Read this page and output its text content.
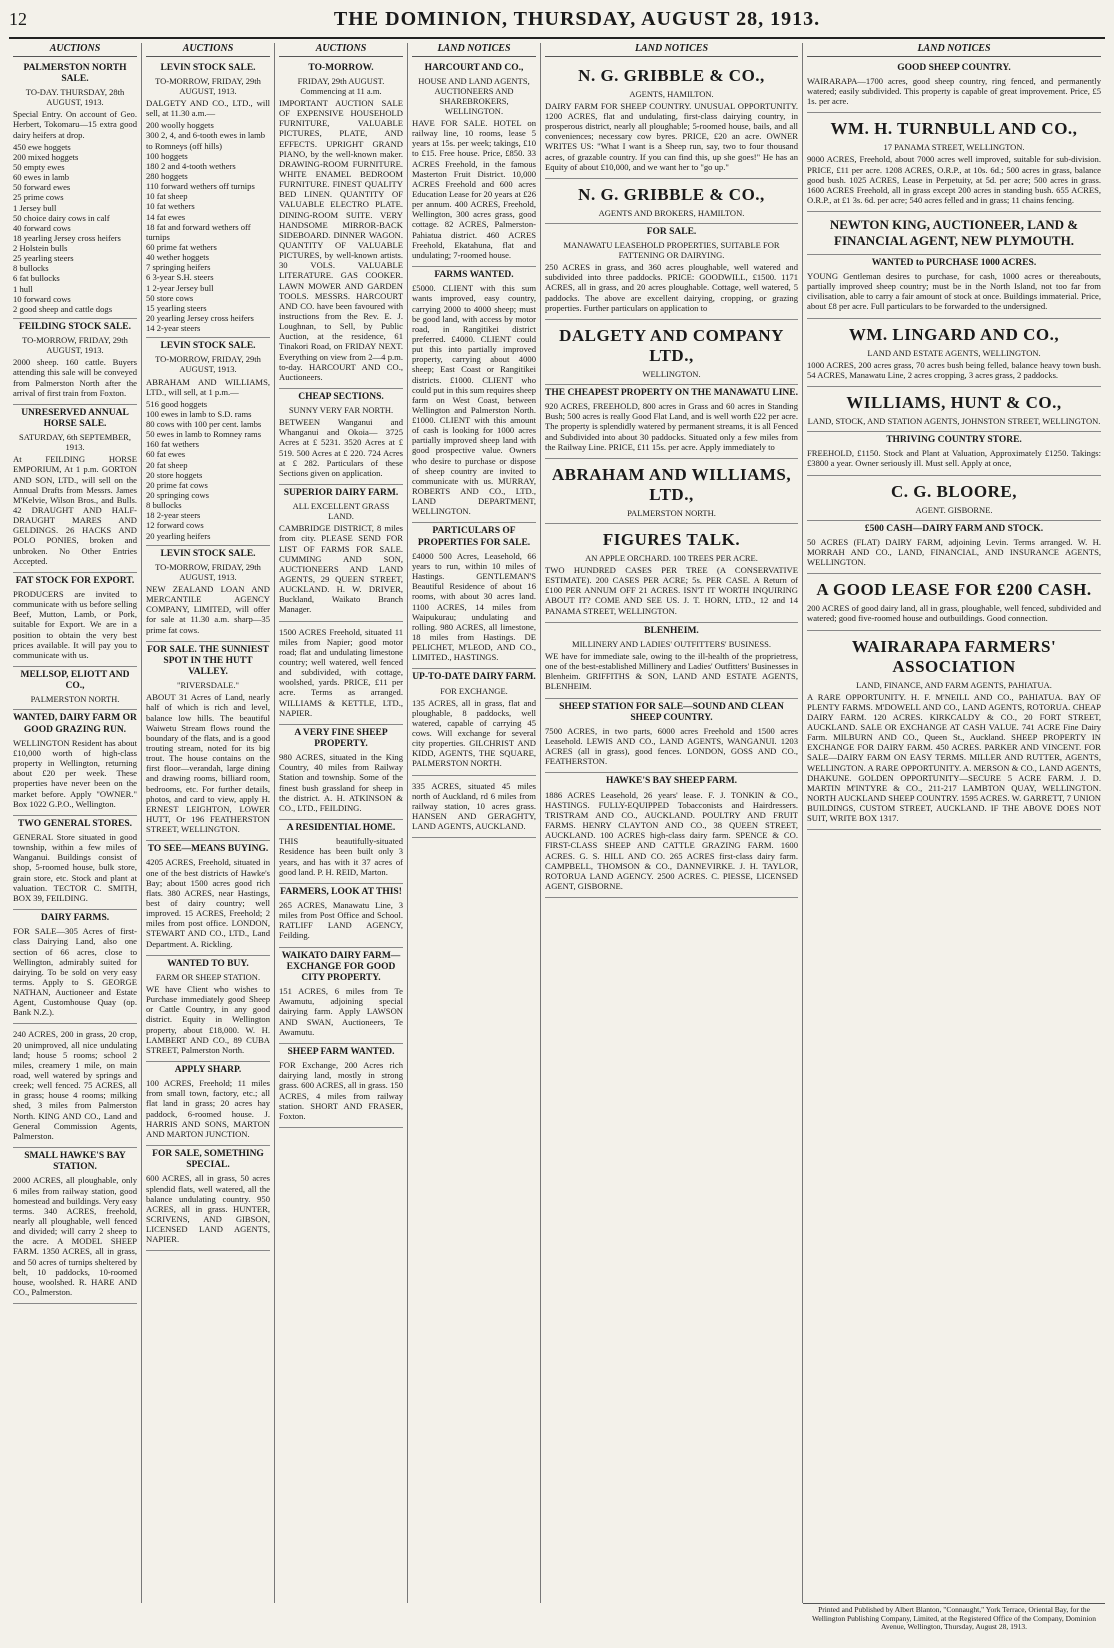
12	THE DOMINION, THURSDAY, AUGUST 28, 1913.
AUCTIONS
PALMERSTON NORTH SALE.
TO-DAY. THURSDAY, 28th AUGUST, 1913.

Special Entry. On account of Geo. Herbert, Tokomaru—15 extra good dairy heifers at drop.

450 ewe hoggets
200 mixed hoggets
50 empty ewes
60 ewes in lamb
50 forward ewes
25 prime cows
1 Jersey bull
50 choice dairy cows in calf
40 forward cows
18 yearling Jersey cross heifers
2 Holstein bulls
25 yearling steers
8 bullocks
6 fat bullocks
1 hull
10 forward cows
2 good sheep and cattle dogs
FEILDING STOCK SALE.
TO-MORROW, FRIDAY, 29th AUGUST, 1913.

2000 sheep. 160 cattle. Buyers attending this sale will be conveyed from Palmerston North after the arrival of first train from Foxton.

UNRESERVED ANNUAL HORSE SALE.
SATURDAY, 6th SEPTEMBER, 1913.

At FEILDING HORSE EMPORIUM, At 1 p.m. GORTON AND SON, LTD., will sell on the Annual Drafts from Messrs. James M'Kelvie, Wilson Bros., and Bulls. 42 DRAUGHT AND HALF-DRAUGHT MARES AND GELDINGS. 26 HACKS AND POLO PONIES, broken and unbroken. No Other Entries Accepted.

FAT STOCK FOR EXPORT.

PRODUCERS are invited to communicate with us before selling Beef, Mutton, Lamb, or Pork, suitable for Export. We are in a position to obtain the very best prices available. It will pay you to communicate with us.

MELLSOP, ELIOTT AND CO.,
PALMERSTON NORTH.
WANTED, DAIRY FARM OR GOOD GRAZING RUN.

WELLINGTON Resident has about £10,000 worth of high-class property in Wellington, returning about £20 per week. These properties have never been on the market before. Apply "OWNER." Box 1022 G.P.O., Wellington.

TWO GENERAL STORES.

GENERAL Store situated in good township, within a few miles of Wanganui. Buildings consist of shop, 5-roomed house, bulk store, grain store, etc. Stock and plant at valuation. TECTOR C. SMITH, BOX 39, FEILDING.

DAIRY FARMS.

FOR SALE—305 Acres of first-class Dairying Land, also one section of 66 acres, close to Wellington, admirably suited for dairying. To be sold on very easy terms. Apply to S. GEORGE NATHAN, Auctioneer and Estate Agent, Customhouse Quay (op. Bank N.Z.).

240 ACRES, 200 in grass, 20 crop, 20 unimproved, all nice undulating land; house 5 rooms; school 2 miles, creamery 1 mile, on main road, well watered by springs and creek; well fenced. 75 ACRES, all in grass; house 4 rooms; milking shed, 3 miles from Palmerston North. KING AND CO., Land and General Commission Agents, Palmerston.

SMALL HAWKE'S BAY STATION.

2000 ACRES, all ploughable, only 6 miles from railway station, good homestead and buildings. Very easy terms. 340 ACRES, freehold, nearly all ploughable, well fenced and divided; will carry 2 sheep to the acre. A MODEL SHEEP FARM. 1350 ACRES, all in grass, and 50 acres of turnips sheltered by belt, 10 paddocks, 10-roomed house, woolshed. R. HARE AND CO., Palmerston.

AUCTIONS
LEVIN STOCK SALE.
TO-MORROW, FRIDAY, 29th AUGUST, 1913.

DALGETY AND CO., LTD., will sell, at 11.30 a.m.—

200 woolly hoggets
300 2, 4, and 6-tooth ewes in lamb to Romneys (off hills)
100 hoggets
180 2 and 4-tooth wethers
280 hoggets
110 forward wethers off turnips
10 fat sheep
10 fat wethers
14 fat ewes
18 fat and forward wethers off turnips
60 prime fat wethers
40 wether hoggets
7 springing heifers
6 3-year S.H. steers
1 2-year Jersey bull
50 store cows
15 yearling steers
20 yearling Jersey cross heifers
14 2-year steers
LEVIN STOCK SALE.
TO-MORROW, FRIDAY, 29th AUGUST, 1913.

ABRAHAM AND WILLIAMS, LTD., will sell, at 1 p.m.—

516 good hoggets
100 ewes in lamb to S.D. rams
80 cows with 100 per cent. lambs
50 ewes in lamb to Romney rams
160 fat wethers
60 fat ewes
20 fat sheep
20 store hoggets
20 prime fat cows
20 springing cows
8 bullocks
18 2-year steers
12 forward cows
20 yearling heifers
LEVIN STOCK SALE.
TO-MORROW, FRIDAY, 29th AUGUST, 1913.

NEW ZEALAND LOAN AND MERCANTILE AGENCY COMPANY, LIMITED, will offer for sale at 11.30 a.m. sharp—35 prime fat cows.

FOR SALE. THE SUNNIEST SPOT IN THE HUTT VALLEY.
"RIVERSDALE."

ABOUT 31 Acres of Land, nearly half of which is rich and level, balance low hills. The beautiful Waiwetu Stream flows round the boundary of the flats, and is a good trouting stream, noted for its big trout. The house contains on the first floor—verandah, large dining and drawing rooms, billiard room, bedrooms, etc. For further details, photos, and card to view, apply H. ERNEST LEIGHTON, LOWER HUTT, Or 196 FEATHERSTON STREET, WELLINGTON.

TO SEE—MEANS BUYING.

4205 ACRES, Freehold, situated in one of the best districts of Hawke's Bay; about 1500 acres good rich flats. 380 ACRES, near Hastings, best of dairy country; well improved. 15 ACRES, Freehold; 2 miles from post office. LONDON, STEWART AND CO., LTD., Land Department. A. Rickling.

WANTED TO BUY.
FARM OR SHEEP STATION.

WE have Client who wishes to Purchase immediately good Sheep or Cattle Country, in any good district. Equity in Wellington property, about £18,000. W. H. LAMBERT AND CO., 89 CUBA STREET, Palmerston North.

APPLY SHARP.

100 ACRES, Freehold; 11 miles from small town, factory, etc.; all flat land in grass; 20 acres hay paddock, 6-roomed house. J. HARRIS AND SONS, MARTON AND MARTON JUNCTION.

FOR SALE, SOMETHING SPECIAL.

600 ACRES, all in grass, 50 acres splendid flats, well watered, all the balance undulating country. 950 ACRES, all in grass. HUNTER, SCRIVENS, AND GIBSON, LICENSED LAND AGENTS, NAPIER.

AUCTIONS
TO-MORROW.
FRIDAY, 29th AUGUST. Commencing at 11 a.m.

IMPORTANT AUCTION SALE OF EXPENSIVE HOUSEHOLD FURNITURE, VALUABLE PICTURES, PLATE, AND EFFECTS. UPRIGHT GRAND PIANO, by the well-known maker. DRAWING-ROOM FURNITURE. WHITE ENAMEL BEDROOM FURNITURE. FINEST QUALITY BED LINEN. QUANTITY OF VALUABLE ELECTRO PLATE. DINING-ROOM SUITE. VERY HANDSOME MIRROR-BACK SIDEBOARD. DINNER WAGON. QUANTITY OF VALUABLE PICTURES, by well-known artists. 30 VOLS. VALUABLE LITERATURE. GAS COOKER. LAWN MOWER AND GARDEN TOOLS. MESSRS. HARCOURT AND CO. have been favoured with instructions from the Rev. E. J. Loughnan, to Sell, by Public Auction, at the residence, 61 Tinakori Road, on FRIDAY NEXT. Everything on view from 2—4 p.m. to-day. HARCOURT AND CO., Auctioneers.

CHEAP SECTIONS.
SUNNY VERY FAR NORTH.

BETWEEN Wanganui and Whanganui and Okoia— 3725 Acres at £ 5231. 3520 Acres at £ 519. 500 Acres at £ 220. 724 Acres at £ 282. Particulars of these Sections given on application.

SUPERIOR DAIRY FARM.
ALL EXCELLENT GRASS LAND.

CAMBRIDGE DISTRICT, 8 miles from city. PLEASE SEND FOR LIST OF FARMS FOR SALE. CUMMING AND SON, AUCTIONEERS AND LAND AGENTS, 29 QUEEN STREET, AUCKLAND. H. W. DRIVER, Buckland, Waikato Branch Manager.

1500 ACRES Freehold, situated 11 miles from Napier; good motor road; flat and undulating limestone country; well watered, well fenced and subdivided, with cottage, woolshed, yards. PRICE, £11 per acre. Terms as arranged. WILLIAMS & KETTLE, LTD., NAPIER.

A VERY FINE SHEEP PROPERTY.

980 ACRES, situated in the King Country, 40 miles from Railway Station and township. Some of the finest bush grassland for sheep in the district. A. H. ATKINSON & CO., LTD., FEILDING.

A RESIDENTIAL HOME.

THIS beautifully-situated Residence has been built only 3 years, and has with it 37 acres of good land. P. H. REID, Marton.

FARMERS, LOOK AT THIS!

265 ACRES, Manawatu Line, 3 miles from Post Office and School. RATLIFF LAND AGENCY, Feilding.

WAIKATO DAIRY FARM—EXCHANGE FOR GOOD CITY PROPERTY.

151 ACRES, 6 miles from Te Awamutu, adjoining special dairying farm. Apply LAWSON AND SWAN, Auctioneers, Te Awamutu.

SHEEP FARM WANTED.

FOR Exchange, 200 Acres rich dairying land, mostly in strong grass. 600 ACRES, all in grass. 150 ACRES, 4 miles from railway station. SHORT AND FRASER, Foxton.

LAND NOTICES
HARCOURT AND CO.,
HOUSE AND LAND AGENTS, AUCTIONEERS AND SHAREBROKERS, WELLINGTON.

HAVE FOR SALE. HOTEL on railway line, 10 rooms, lease 5 years at 15s. per week; takings, £10 to £15. Free house. Price, £850. 33 ACRES Freehold, in the famous Masterton Fruit District. 10,000 ACRES Freehold and 600 acres Education Lease for 20 years at £26 per annum. 400 ACRES, Freehold, Wellington, 300 acres grass, good cottage. 82 ACRES, Palmerston-Pahiatua district. 460 ACRES Freehold, Ekatahuna, flat and undulating; 7-roomed house.

FARMS WANTED.

£5000. CLIENT with this sum wants improved, easy country, carrying 2000 to 4000 sheep; must be good land, with access by motor road, in Rangitikei district preferred. £4000. CLIENT could put this into partially improved property, carrying about 4000 sheep; East Coast or Rangitikei districts. £1000. CLIENT who could put in this sum requires sheep farm on West Coast, between Wellington and Palmerston North. £1000. CLIENT with this amount of cash is looking for 1000 acres partially improved sheep land with good prospective value. Owners who desire to purchase or dispose of sheep country are invited to communicate with us. MURRAY, ROBERTS AND CO., LTD., LAND DEPARTMENT, WELLINGTON.

PARTICULARS OF PROPERTIES FOR SALE.

£4000 500 Acres, Leasehold, 66 years to run, within 10 miles of Hastings. GENTLEMAN'S Beautiful Residence of about 16 rooms, with about 30 acres land. 1100 ACRES, 14 miles from Waipukurau; undulating and rolling. 980 ACRES, all limestone, 18 miles from Hastings. DE PELICHET, M'LEOD, AND CO., LIMITED., HASTINGS.

UP-TO-DATE DAIRY FARM.
FOR EXCHANGE.

135 ACRES, all in grass, flat and ploughable, 8 paddocks, well watered, capable of carrying 45 cows. Will exchange for several city properties. GILCHRIST AND KIDD, AGENTS, THE SQUARE, PALMERSTON NORTH.

335 ACRES, situated 45 miles north of Auckland, rd 6 miles from railway station, 10 acres grass. HANSEN AND GERAGHTY, LAND AGENTS, AUCKLAND.

LAND NOTICES
N. G. GRIBBLE & CO.,
AGENTS, HAMILTON.

DAIRY FARM FOR SHEEP COUNTRY. UNUSUAL OPPORTUNITY. 1200 ACRES, flat and undulating, first-class dairying country, in prosperous district, nearly all ploughable; 5-roomed house, bails, and all conveniences; necessary cow byres. PRICE, £20 an acre. OWNER WRITES US: "What I want is a Sheep run, say, two to four thousand acres, of grazable country. If you can find this, up she goes!" He has an Equity of about £10,000, and we want her to "go up."

N. G. GRIBBLE & CO.,
AGENTS AND BROKERS, HAMILTON.
FOR SALE.
MANAWATU LEASEHOLD PROPERTIES, SUITABLE FOR FATTENING OR DAIRYING.

250 ACRES in grass, and 360 acres ploughable, well watered and subdivided into three paddocks. PRICE: GOODWILL, £1500. 1171 ACRES, all in grass, and 20 acres ploughable. Cottage, well watered, 5 paddocks. The above are excellent dairying, cropping, or grazing properties. Further particulars on application to

DALGETY AND COMPANY LTD.,
WELLINGTON.
THE CHEAPEST PROPERTY ON THE MANAWATU LINE.

920 ACRES, FREEHOLD, 800 acres in Grass and 60 acres in Standing Bush; 500 acres is really Good Flat Land, and is well worth £22 per acre. The property is splendidly watered by permanent streams, it is all Fenced and Subdivided into about 30 paddocks. Situated only a few miles from the Railway Line. PRICE, £11 15s. per acre. Apply immediately to

ABRAHAM AND WILLIAMS, LTD.,
PALMERSTON NORTH.
FIGURES TALK.
AN APPLE ORCHARD. 100 TREES PER ACRE.

TWO HUNDRED CASES PER TREE (A CONSERVATIVE ESTIMATE). 200 CASES PER ACRE; 5s. PER CASE. A Return of £100 PER ANNUM OFF 21 ACRES. ISN'T IT WORTH INQUIRING ABOUT IT? COME AND SEE US. J. T. HORN, LTD., 12 and 14 PANAMA STREET, WELLINGTON.

BLENHEIM.
MILLINERY AND LADIES' OUTFITTERS' BUSINESS.

WE have for immediate sale, owing to the ill-health of the proprietress, one of the best-established Millinery and Ladies' Outfitters' Businesses in Blenheim. GRIFFITHS & SON, LAND AND ESTATE AGENTS, BLENHEIM.

SHEEP STATION FOR SALE—SOUND AND CLEAN SHEEP COUNTRY.

7500 ACRES, in two parts, 6000 acres Freehold and 1500 acres Leasehold. LEWIS AND CO., LAND AGENTS, WANGANUI. 1203 ACRES (all in grass), good fences. LONDON, GOSS AND CO., FEATHERSTON.

HAWKE'S BAY SHEEP FARM.

1886 ACRES Leasehold, 26 years' lease. F. J. TONKIN & CO., HASTINGS. FULLY-EQUIPPED Tobacconists and Hairdressers. TRISTRAM AND CO., AUCKLAND. POULTRY AND FRUIT FARMS. HENRY CLAYTON AND CO., 38 QUEEN STREET, AUCKLAND. 100 ACRES high-class dairy farm. SPENCE & CO. FIRST-CLASS SHEEP AND CATTLE GRAZING FARM. 1600 ACRES. G. S. HILL AND CO. 265 ACRES first-class dairy farm. CAMPBELL, THOMSON & CO., DANNEVIRKE. J. H. TAYLOR, ROTORUA LAND AGENCY. 2500 ACRES. C. PIESSE, LICENSED AGENT, GISBORNE.

LAND NOTICES
GOOD SHEEP COUNTRY.

WAIRARAPA—1700 acres, good sheep country, ring fenced, and permanently watered; easily subdivided. This property is capable of great improvement. Price, £5 1s. per acre.

WM. H. TURNBULL AND CO.,
17 PANAMA STREET, WELLINGTON.

9000 ACRES, Freehold, about 7000 acres well improved, suitable for sub-division. PRICE, £11 per acre. 1208 ACRES, O.R.P., at 10s. 6d.; 500 acres in grass, balance good bush. 1025 ACRES, Lease in Perpetuity, at 5d. per acre; 500 acres in grass. 1600 ACRES Freehold, all in grass except 200 acres in standing bush. 655 ACRES, O.R.P., at £1 3s. 6d. per acre; 540 acres felled and in grass; 11 chains fencing.

NEWTON KING, AUCTIONEER, LAND & FINANCIAL AGENT, NEW PLYMOUTH.
WANTED to PURCHASE 1000 ACRES.

YOUNG Gentleman desires to purchase, for cash, 1000 acres or thereabouts, partially improved sheep country; must be in the North Island, not too far from civilisation, able to carry a fair amount of stock at once. Buildings immaterial. Price, about £8 per acre. Full particulars to be forwarded to the undersigned.

WM. LINGARD AND CO.,
LAND AND ESTATE AGENTS, WELLINGTON.

1000 ACRES, 200 acres grass, 70 acres bush being felled, balance heavy town bush. 54 ACRES, Manawatu Line, 2 acres cropping, 3 acres grass, 2 paddocks.

WILLIAMS, HUNT & CO.,
LAND, STOCK, AND STATION AGENTS, JOHNSTON STREET, WELLINGTON.
THRIVING COUNTRY STORE.

FREEHOLD, £1150. Stock and Plant at Valuation, Approximately £1250. Takings: £3800 a year. Owner seriously ill. Must sell. Apply at once,

C. G. BLOORE,
AGENT. GISBORNE.
£500 CASH—DAIRY FARM AND STOCK.

50 ACRES (FLAT) DAIRY FARM, adjoining Levin. Terms arranged. W. H. MORRAH AND CO., LAND, FINANCIAL, AND INSURANCE AGENTS, WELLINGTON.

A GOOD LEASE FOR £200 CASH.

200 ACRES of good dairy land, all in grass, ploughable, well fenced, subdivided and watered; good five-roomed house and outbuildings. Good connection.

WAIRARAPA FARMERS' ASSOCIATION
LAND, FINANCE, AND FARM AGENTS, PAHIATUA.

A RARE OPPORTUNITY. H. F. M'NEILL AND CO., PAHIATUA. BAY OF PLENTY FARMS. M'DOWELL AND CO., LAND AGENTS, ROTORUA. CHEAP DAIRY FARM. 120 ACRES. KIRKCALDY & CO., 20 FORT STREET, AUCKLAND. SALE OR EXCHANGE AT CASH VALUE. 741 ACRE Fine Dairy Farm. MILBURN AND CO., Queen St., Auckland. SHEEP PROPERTY IN EXCHANGE FOR DAIRY FARM. 450 ACRES. PARKER AND VINCENT. FOR SALE—DAIRY FARM ON EASY TERMS. MILLER AND RUTTER, AGENTS, WELLINGTON. A RARE OPPORTUNITY. A. MERSON & CO., LAND AGENTS, DHAKUNE. GOLDEN OPPORTUNITY—SECURE 5 ACRE FARM. J. D. MARTIN M'INTYRE & CO., 211-217 LAMBTON QUAY, WELLINGTON. NORTH AUCKLAND SHEEP COUNTRY. 1595 ACRES. W. GARRETT, 7 UNION BUILDINGS, CUSTOM STREET, AUCKLAND. IF THE ABOVE DOES NOT SUIT, WRITE BOX 1317.

Printed and Published by Albert Blanton, "Connaught," York Terrace, Oriental Bay, for the Wellington Publishing Company, Limited, at the Registered Office of the Company, Dominion Avenue, Wellington, Thursday, August 28, 1913.
